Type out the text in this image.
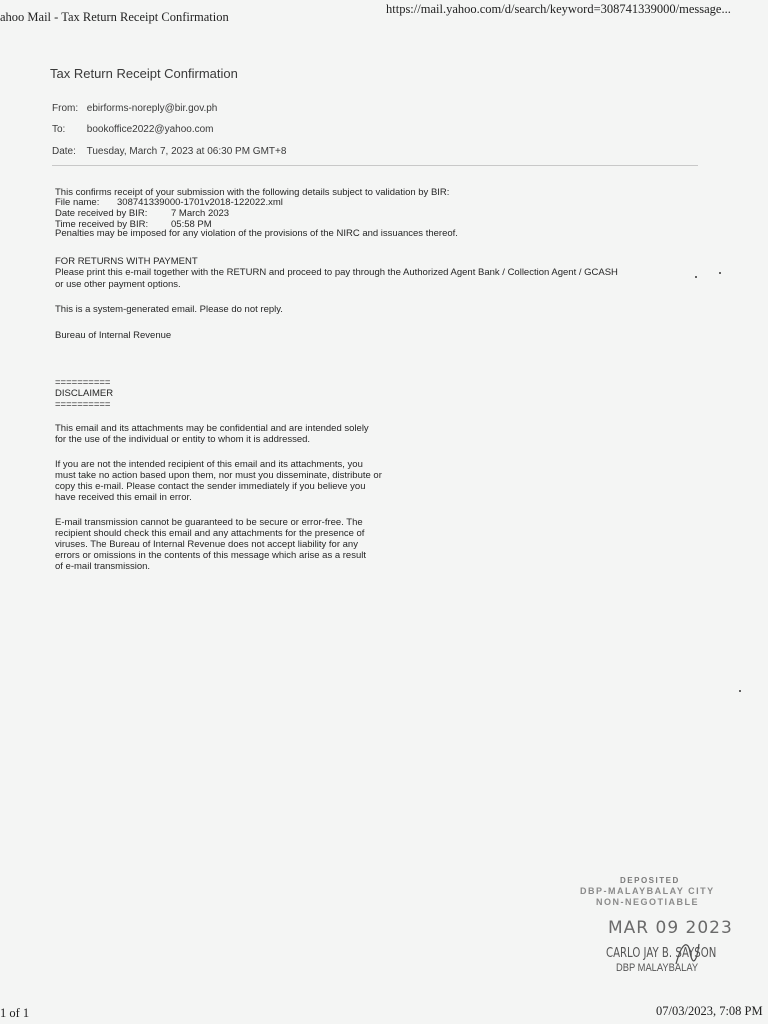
ahoo Mail - Tax Return Receipt Confirmation
https://mail.yahoo.com/d/search/keyword=308741339000/message...
Tax Return Receipt Confirmation
From: ebirforms-noreply@bir.gov.ph
To: bookoffice2022@yahoo.com
Date: Tuesday, March 7, 2023 at 06:30 PM GMT+8
This confirms receipt of your submission with the following details subject to validation by BIR:
File name: 308741339000-1701v2018-122022.xml
Date received by BIR: 7 March 2023
Time received by BIR: 05:58 PM
Penalties may be imposed for any violation of the provisions of the NIRC and issuances thereof.
FOR RETURNS WITH PAYMENT
Please print this e-mail together with the RETURN and proceed to pay through the Authorized Agent Bank / Collection Agent / GCASH
or use other payment options.
This is a system-generated email. Please do not reply.
Bureau of Internal Revenue
==========
DISCLAIMER
==========
This email and its attachments may be confidential and are intended solely
for the use of the individual or entity to whom it is addressed.
If you are not the intended recipient of this email and its attachments, you
must take no action based upon them, nor must you disseminate, distribute or
copy this e-mail. Please contact the sender immediately if you believe you
have received this email in error.
E-mail transmission cannot be guaranteed to be secure or error-free. The
recipient should check this email and any attachments for the presence of
viruses. The Bureau of Internal Revenue does not accept liability for any
errors or omissions in the contents of this message which arise as a result
of e-mail transmission.
DEPOSITED
DBP-MALAYBALAY CITY
NON-NEGOTIABLE
MAR 09 2023
CARLO JAY B. SAYSON
DBP MALAYBALAY
1 of 1	07/03/2023, 7:08 PM
